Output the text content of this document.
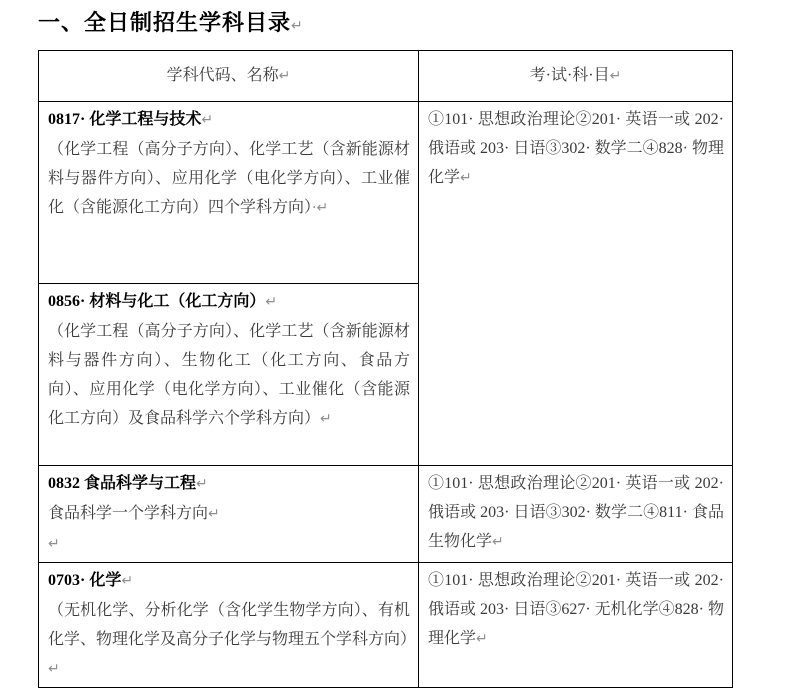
一、全日制招生学科目录↵
学科代码、名称↵	考·试·科·目↵

0817· 化学工程与技术↵
（化学工程（高分子方向）、化学工艺（含新能源材料与器件方向）、应用化学（电化学方向）、工业催化（含能源化工方向）四个学科方向）·↵	①101· 思想政治理论②201· 英语一或 202· 俄语或 203· 日语③302· 数学二④828· 物理化学↵

0856· 材料与化工（化工方向）↵
（化学工程（高分子方向）、化学工艺（含新能源材料与器件方向）、生物化工（化工方向、食品方向）、应用化学（电化学方向）、工业催化（含能源化工方向）及食品科学六个学科方向）↵	

0832 食品科学与工程↵
食品科学一个学科方向↵
↵	①101· 思想政治理论②201· 英语一或 202· 俄语或 203· 日语③302· 数学二④811· 食品生物化学↵

0703· 化学↵
（无机化学、分析化学（含化学生物学方向）、有机化学、物理化学及高分子化学与物理五个学科方向）↵	①101· 思想政治理论②201· 英语一或 202· 俄语或 203· 日语③627· 无机化学④828· 物理化学↵
